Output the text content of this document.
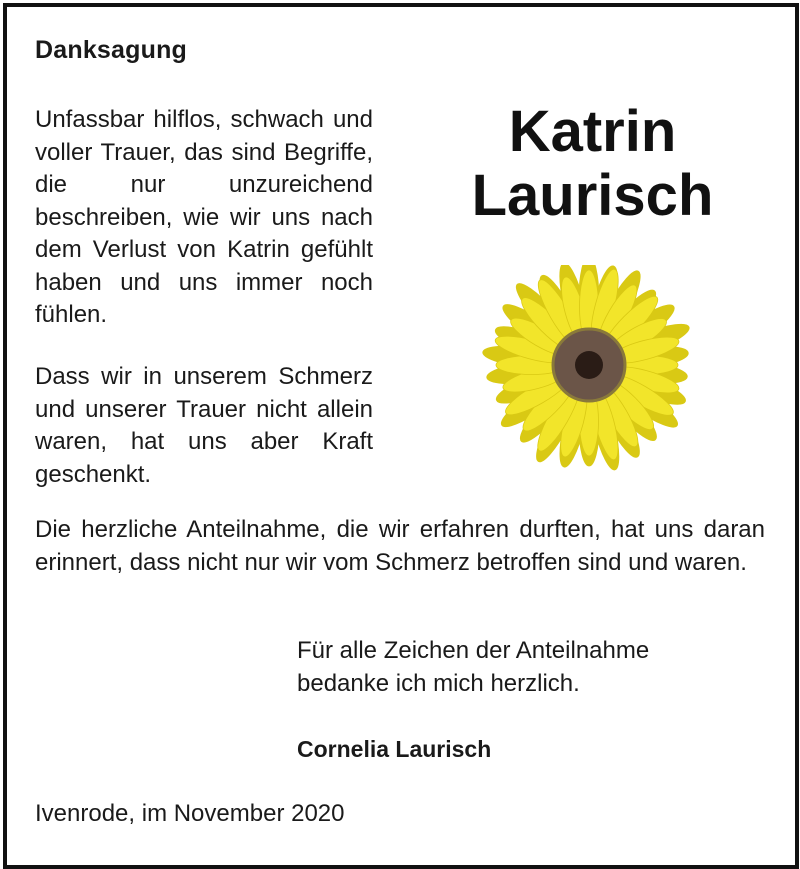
Danksagung

Unfassbar hilflos, schwach und voller Trauer, das sind Begriffe, die nur unzureichend beschreiben, wie wir uns nach dem Verlust von Katrin gefühlt haben und uns immer noch fühlen.

Katrin
Laurisch

Dass wir in unserem Schmerz und unserer Trauer nicht allein waren, hat uns aber Kraft geschenkt.

Die herzliche Anteilnahme, die wir erfahren durften, hat uns daran erinnert, dass nicht nur wir vom Schmerz betroffen sind und waren.

Für alle Zeichen der Anteilnahme
bedanke ich mich herzlich.
Cornelia Laurisch
Ivenrode, im November 2020
